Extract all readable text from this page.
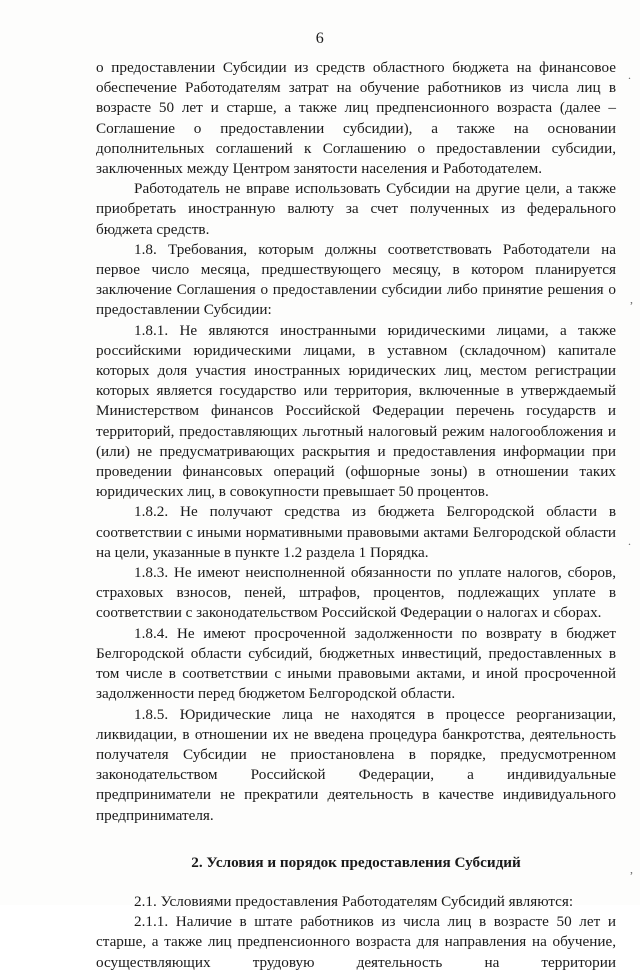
6
.
,
.
,

о предоставлении Субсидии из средств областного бюджета на финансовое обеспечение Работодателям затрат на обучение работников из числа лиц в возрасте 50 лет и старше, а также лиц предпенсионного возраста (далее – Соглашение о предоставлении субсидии), а также на основании дополнительных соглашений к Соглашению о предоставлении субсидии, заключенных между Центром занятости населения и Работодателем.

Работодатель не вправе использовать Субсидии на другие цели, а также приобретать иностранную валюту за счет полученных из федерального бюджета средств.

1.8. Требования, которым должны соответствовать Работодатели на первое число месяца, предшествующего месяцу, в котором планируется заключение Соглашения о предоставлении субсидии либо принятие решения о предоставлении Субсидии:

1.8.1. Не являются иностранными юридическими лицами, а также российскими юридическими лицами, в уставном (складочном) капитале которых доля участия иностранных юридических лиц, местом регистрации которых является государство или территория, включенные в утверждаемый Министерством финансов Российской Федерации перечень государств и территорий, предоставляющих льготный налоговый режим налогообложения и (или) не предусматривающих раскрытия и предоставления информации при проведении финансовых операций (офшорные зоны) в отношении таких юридических лиц, в совокупности превышает 50 процентов.

1.8.2. Не получают средства из бюджета Белгородской области в соответствии с иными нормативными правовыми актами Белгородской области на цели, указанные в пункте 1.2 раздела 1 Порядка.

1.8.3. Не имеют неисполненной обязанности по уплате налогов, сборов, страховых взносов, пеней, штрафов, процентов, подлежащих уплате в соответствии с законодательством Российской Федерации о налогах и сборах.

1.8.4. Не имеют просроченной задолженности по возврату в бюджет Белгородской области субсидий, бюджетных инвестиций, предоставленных в том числе в соответствии с иными правовыми актами, и иной просроченной задолженности перед бюджетом Белгородской области.

1.8.5. Юридические лица не находятся в процессе реорганизации, ликвидации, в отношении их не введена процедура банкротства, деятельность получателя Субсидии не приостановлена в порядке, предусмотренном законодательством Российской Федерации, а индивидуальные предприниматели не прекратили деятельность в качестве индивидуального предпринимателя.

2. Условия и порядок предоставления Субсидий

2.1. Условиями предоставления Работодателям Субсидий являются:

2.1.1. Наличие в штате работников из числа лиц в возрасте 50 лет и старше, а также лиц предпенсионного возраста для направления на обучение, осуществляющих трудовую деятельность на территории
